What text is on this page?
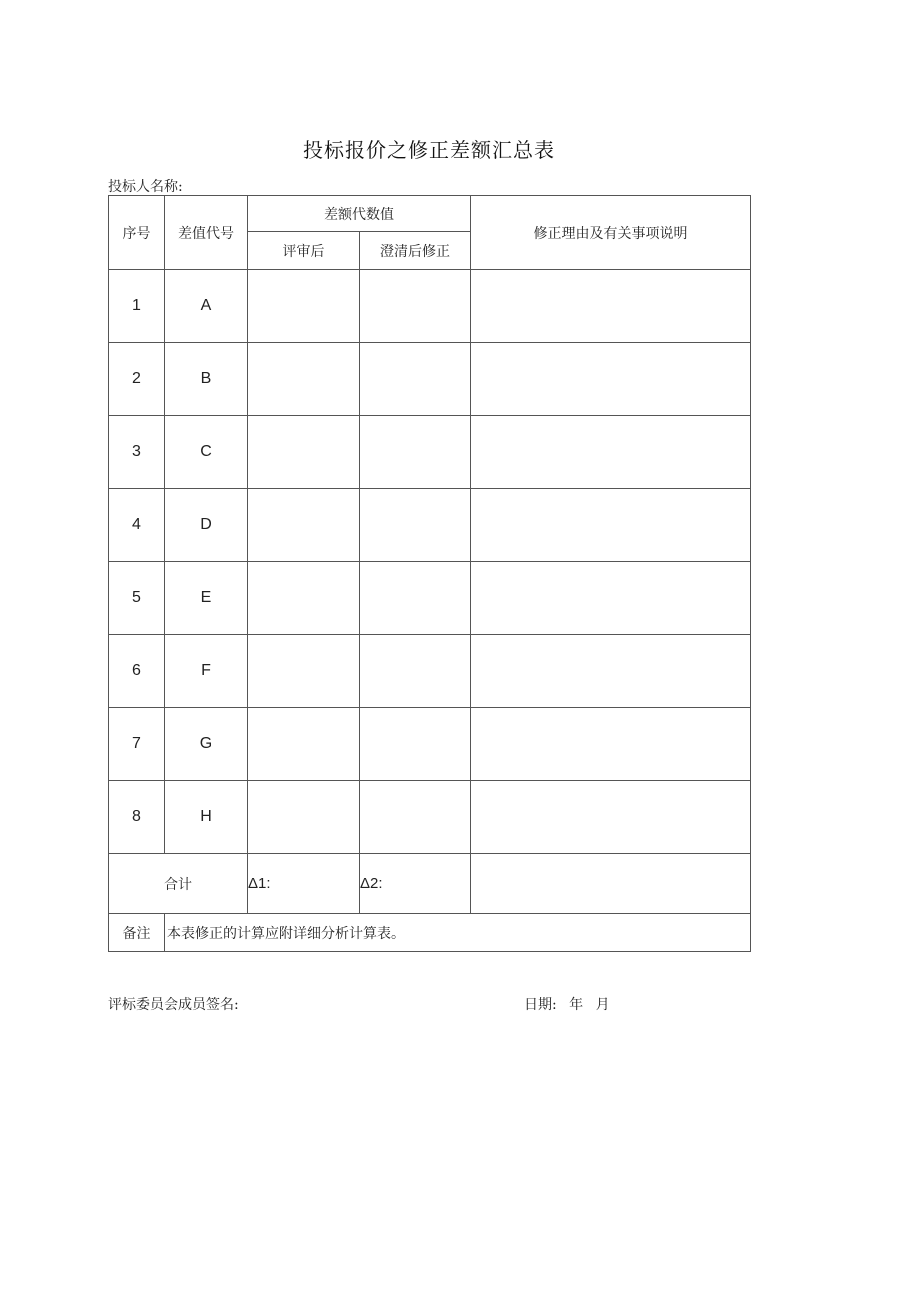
投标报价之修正差额汇总表
投标人名称:
序号	差值代号	差额代数值		修正理由及有关事项说明
		评审后	澄清后修正	
1	A			
2	B			
3	C			
4	D			
5	E			
6	F			
7	G			
8	H			
合计		Δ1:	Δ2:	
备注	本表修正的计算应附详细分析计算表。			
评标委员会成员签名:	日期: 年 月
